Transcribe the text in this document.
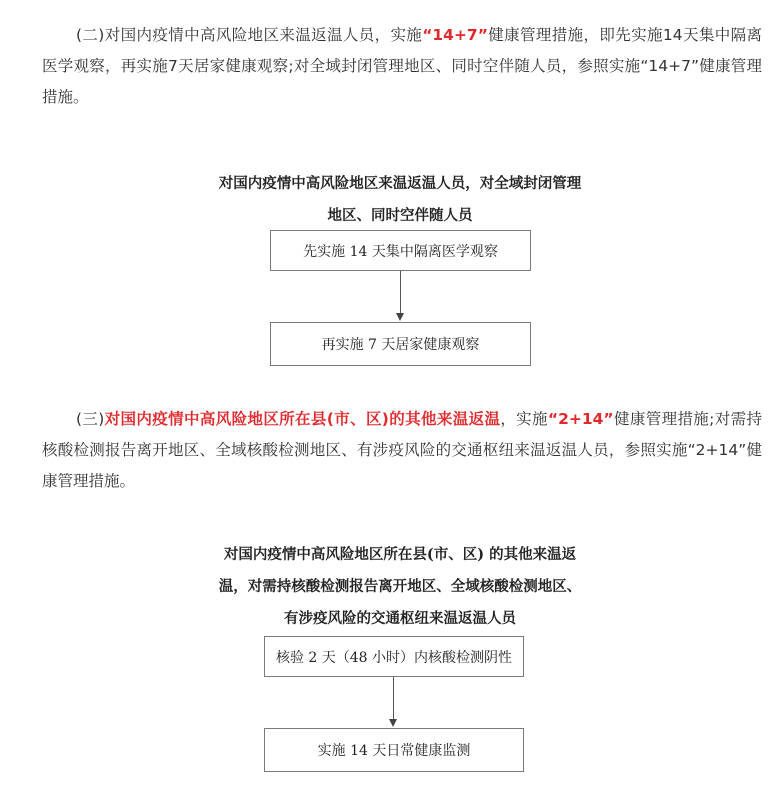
(二)对国内疫情中高风险地区来温返温人员，实施“14+7”健康管理措施，即先实施14天集中隔离医学观察，再实施7天居家健康观察;对全域封闭管理地区、同时空伴随人员，参照实施“14+7”健康管理措施。
对国内疫情中高风险地区来温返温人员，对全域封闭管理
地区、同时空伴随人员
先实施 14 天集中隔离医学观察
再实施 7 天居家健康观察
(三)对国内疫情中高风险地区所在县(市、区)的其他来温返温，实施“2+14”健康管理措施;对需持核酸检测报告离开地区、全域核酸检测地区、有涉疫风险的交通枢纽来温返温人员，参照实施“2+14”健康管理措施。
对国内疫情中高风险地区所在县(市、区) 的其他来温返
温，对需持核酸检测报告离开地区、全域核酸检测地区、
有涉疫风险的交通枢纽来温返温人员
核验 2 天（48 小时）内核酸检测阴性
实施 14 天日常健康监测
